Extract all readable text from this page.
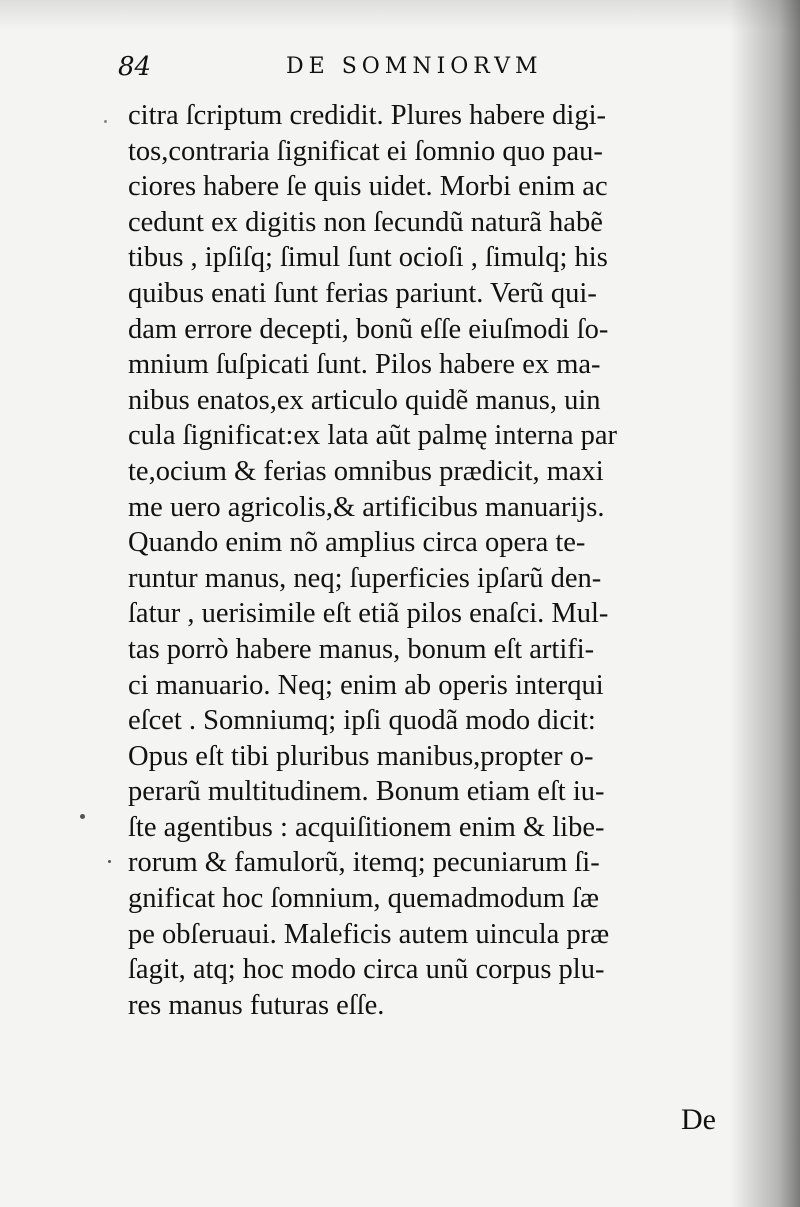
84	DE SOMNIORVM
citra ſcriptum credidit. Plures habere digi-
tos,contraria ſignificat ei ſomnio quo pau-
ciores habere ſe quis uidet. Morbi enim ac
cedunt ex digitis non ſecundũ naturã habẽ
tibus , ipſiſq; ſimul ſunt ocioſi , ſimulq; his
quibus enati ſunt ferias pariunt. Verũ qui-
dam errore decepti, bonũ eſſe eiuſmodi ſo-
mnium ſuſpicati ſunt. Pilos habere ex ma-
nibus enatos,ex articulo quidẽ manus, uin
cula ſignificat:ex lata aũt palmę interna par
te,ocium & ferias omnibus prædicit, maxi
me uero agricolis,& artificibus manuarijs.
Quando enim nõ amplius circa opera te-
runtur manus, neq; ſuperficies ipſarũ den-
ſatur , uerisimile eſt etiã pilos enaſci. Mul-
tas porrò habere manus, bonum eſt artifi-
ci manuario. Neq; enim ab operis interqui
eſcet . Somniumq; ipſi quodã modo dicit:
Opus eſt tibi pluribus manibus,propter o-
perarũ multitudinem. Bonum etiam eſt iu-
ſte agentibus : acquiſitionem enim & libe-
rorum & famulorũ, itemq; pecuniarum ſi-
gnificat hoc ſomnium, quemadmodum ſæ
pe obſeruaui. Maleficis autem uincula præ
ſagit, atq; hoc modo circa unũ corpus plu-
res manus futuras eſſe.
De
